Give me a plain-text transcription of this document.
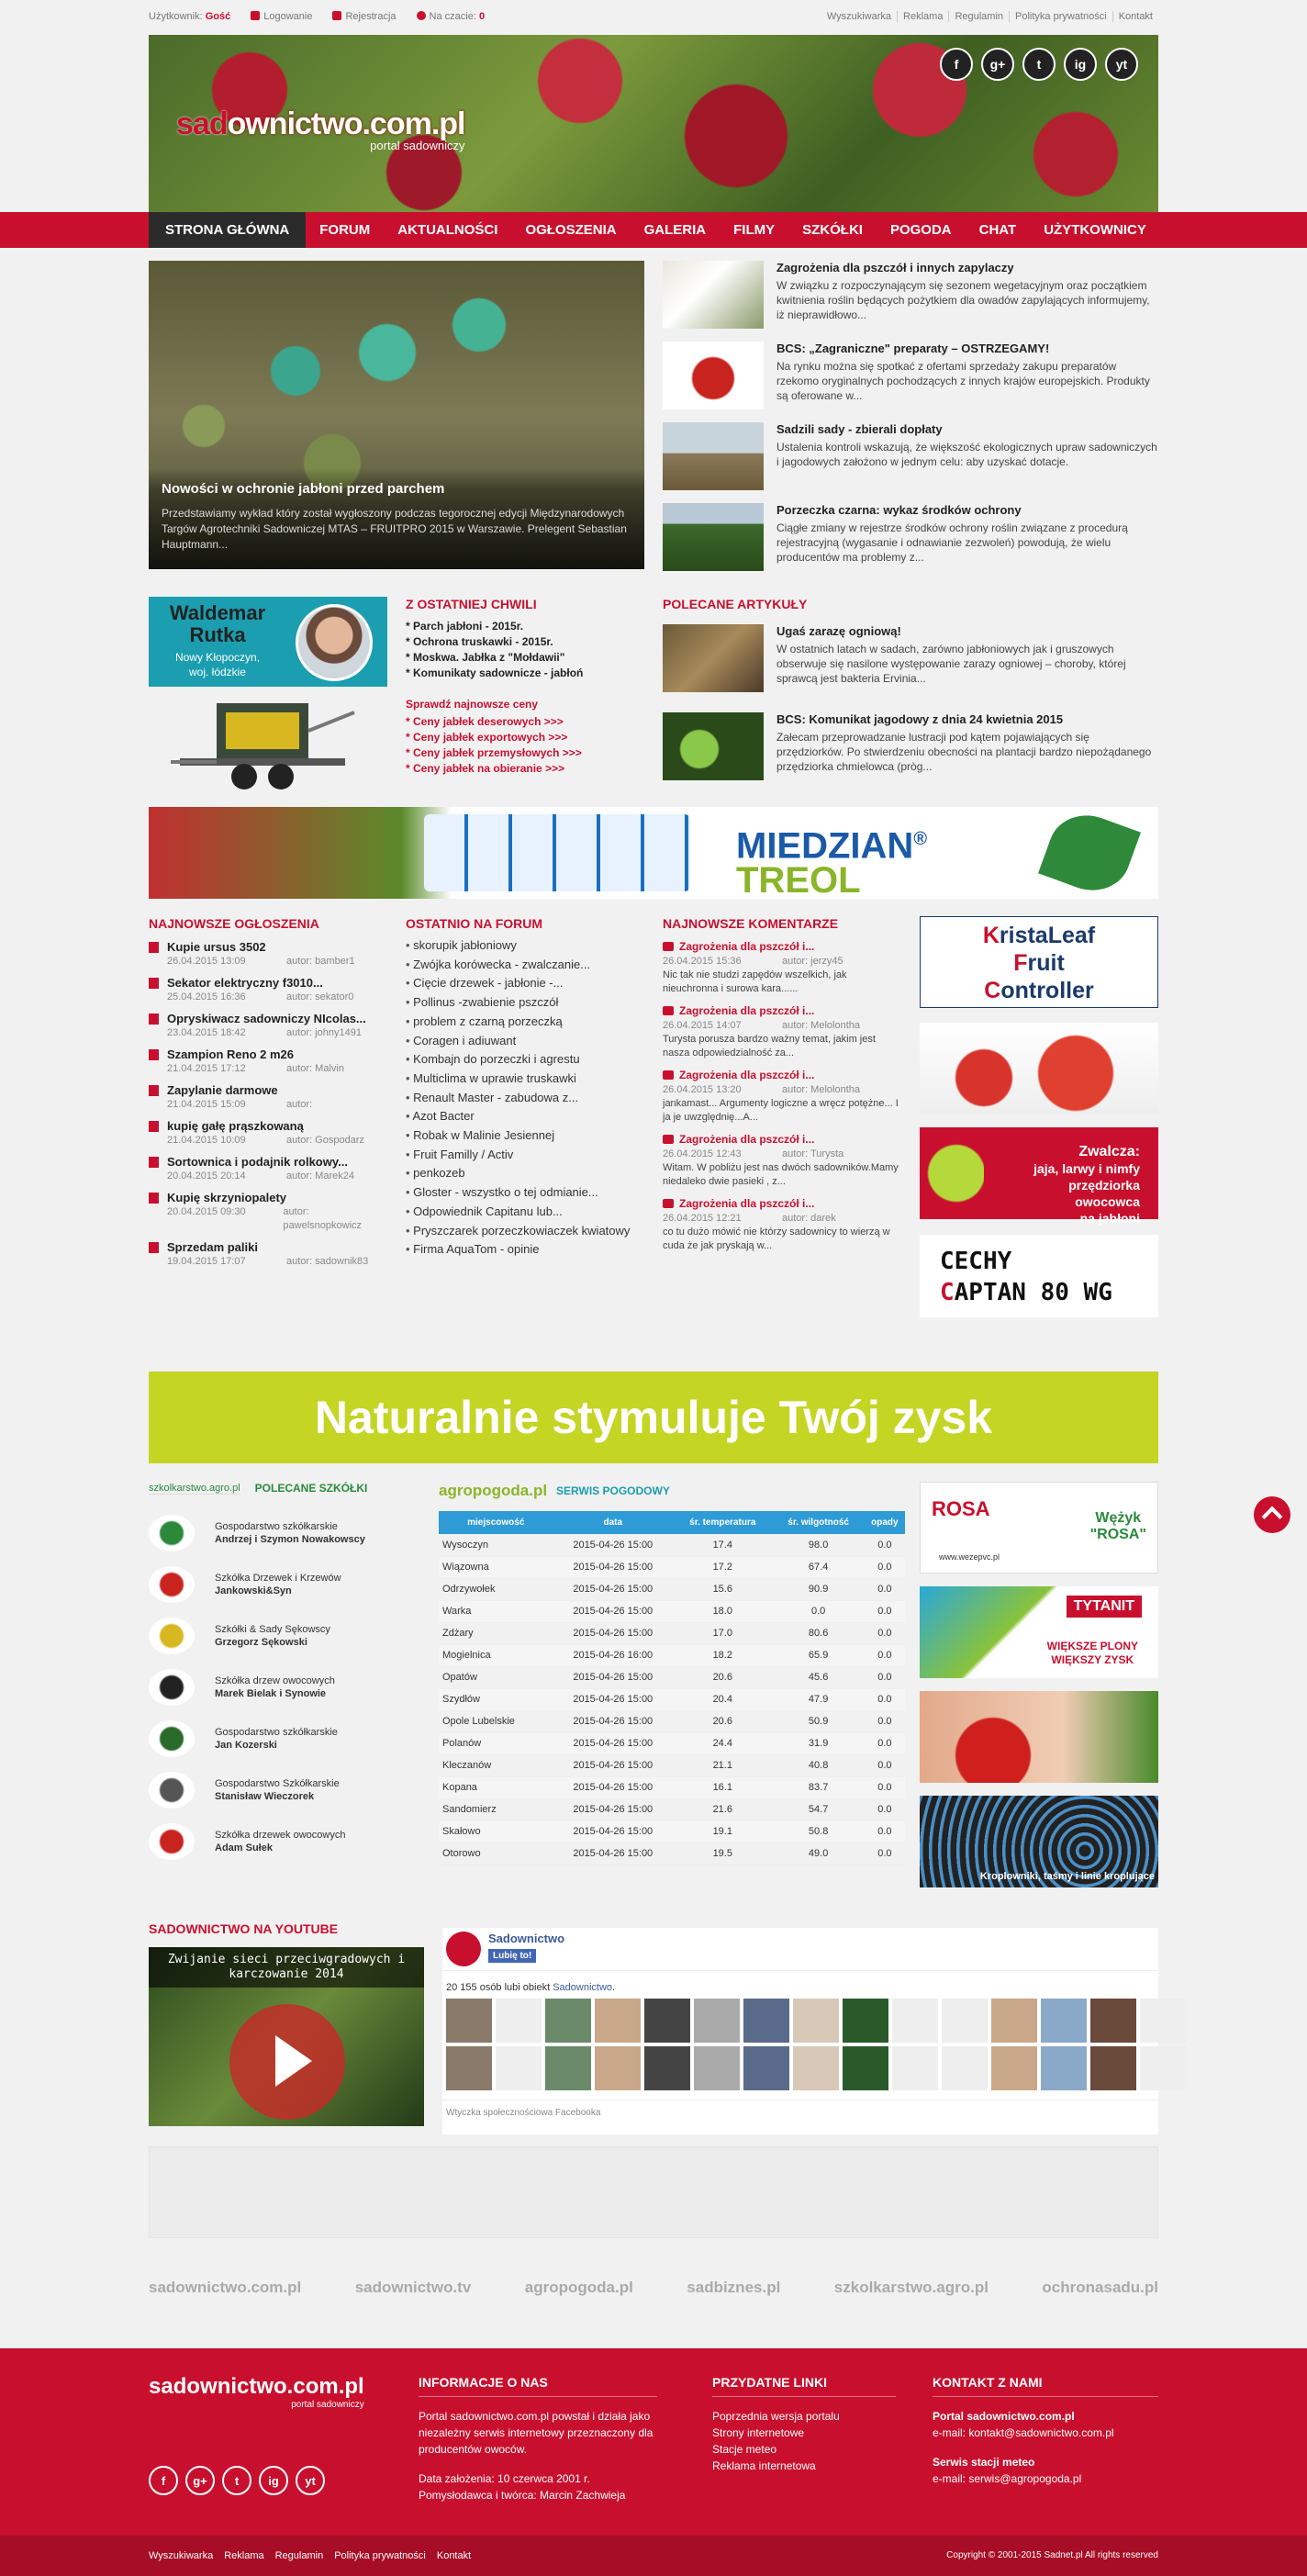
Użytkownik: Gość	Logowanie	Rejestracja	Na czacie: 0	Wyszukiwarka	Reklama	Regulamin	Polityka prywatności	Kontakt
sadownictwo.com.pl
portal sadowniczy
f	g+	t	ig	yt
STRONA GŁÓWNA	FORUM	AKTUALNOŚCI	OGŁOSZENIA	GALERIA	FILMY	SZKÓŁKI	POGODA	CHAT	UŻYTKOWNICY
Nowości w ochronie jabłoni przed parchem

Przedstawiamy wykład który został wygłoszony podczas tegorocznej edycji Międzynarodowych Targów Agrotechniki Sadowniczej MTAS – FRUITPRO 2015 w Warszawie. Prelegent Sebastian Hauptmann...

Zagrożenia dla pszczół i innych zapylaczy

W związku z rozpoczynającym się sezonem wegetacyjnym oraz początkiem kwitnienia roślin będących pożytkiem dla owadów zapylających informujemy, iż nieprawidłowo...

BCS: „Zagraniczne" preparaty – OSTRZEGAMY!

Na rynku można się spotkać z ofertami sprzedaży zakupu preparatów rzekomo oryginalnych pochodzących z innych krajów europejskich. Produkty są oferowane w...

Sadzili sady - zbierali dopłaty

Ustalenia kontroli wskazują, że większość ekologicznych upraw sadowniczych i jagodowych założono w jednym celu: aby uzyskać dotacje.

Porzeczka czarna: wykaz środków ochrony

Ciągłe zmiany w rejestrze środków ochrony roślin związane z procedurą rejestracyjną (wygasanie i odnawianie zezwoleń) powodują, że wielu producentów ma problemy z...

Waldemar
Rutka
Nowy Kłopoczyn,
woj. łódzkie
Z OSTATNIEJ CHWILI
* Parch jabłoni - 2015r.
* Ochrona truskawki - 2015r.
* Moskwa. Jabłka z "Mołdawii"
* Komunikaty sadownicze - jabłoń
Sprawdź najnowsze ceny
* Ceny jabłek deserowych >>>
* Ceny jabłek exportowych >>>
* Ceny jabłek przemysłowych >>>
* Ceny jabłek na obieranie >>>
POLECANE ARTYKUŁY
Ugaś zarazę ogniową!

W ostatnich latach w sadach, zarówno jabłoniowych jak i gruszowych obserwuje się nasilone występowanie zarazy ogniowej – choroby, której sprawcą jest bakteria Ervinia...

BCS: Komunikat jagodowy z dnia 24 kwietnia 2015

Załecam przeprowadzanie lustracji pod kątem pojawiających się przędziorków. Po stwierdzeniu obecności na plantacji bardzo niepożądanego przędziorka chmielowca (pròg...

MIEDZIAN®
TREOL
NAJNOWSZE OGŁOSZENIA
Kupie ursus 3502
26.04.2015 13:09	autor: bamber1
Sekator elektryczny f3010...
25.04.2015 16:36	autor: sekator0
Opryskiwacz sadowniczy NIcolas...
23.04.2015 18:42	autor: johny1491
Szampion Reno 2 m26
21.04.2015 17:12	autor: Malvin
Zapylanie darmowe
21.04.2015 15:09	autor:
kupię gałę prąszkowaną
21.04.2015 10:09	autor: Gospodarz
Sortownica i podajnik rolkowy...
20.04.2015 20:14	autor: Marek24
Kupię skrzyniopalety
20.04.2015 09:30	autor: pawelsnopkowicz
Sprzedam paliki
19.04.2015 17:07	autor: sadownik83
OSTATNIO NA FORUM
• skorupik jabłoniowy
• Zwójka korówecka - zwalczanie...
• Cięcie drzewek - jabłonie -...
• Pollinus -zwabienie pszczół
• problem z czarną porzeczką
• Coragen i adiuwant
• Kombajn do porzeczki i agrestu
• Multiclima w uprawie truskawki
• Renault Master - zabudowa z...
• Azot Bacter
• Robak w Malinie Jesiennej
• Fruit Familly / Activ
• penkozeb
• Gloster - wszystko o tej odmianie...
• Odpowiednik Capitanu lub...
• Pryszczarek porzeczkowiaczek kwiatowy
• Firma AquaTom - opinie
NAJNOWSZE KOMENTARZE
Zagrożenia dla pszczół i...
26.04.2015 15:36	autor: jerzy45

Nic tak nie studzi zapędów wszelkich, jak nieuchronna i surowa kara......

Zagrożenia dla pszczół i...
26.04.2015 14:07	autor: Melolontha

Turysta porusza bardzo ważny temat, jakim jest nasza odpowiedzialność za...

Zagrożenia dla pszczół i...
26.04.2015 13:20	autor: Melolontha

jankamast... Argumenty logiczne a wręcz potężne... I ja je uwzględnię...A...

Zagrożenia dla pszczół i...
26.04.2015 12:43	autor: Turysta

Witam. W pobliżu jest nas dwóch sadowników.Mamy niedaleko dwie pasieki , z...

Zagrożenia dla pszczół i...
26.04.2015 12:21	autor: darek

co tu dużo mówić nie którzy sadownicy to wierzą w cuda że jak pryskają w...

KristaLeaf
Fruit
Controller
Zwalcza:
jaja, larwy i nimfy
przędziorka
owocowca
na jabłoni
CECHY
CAPTAN 80 WG
Naturalnie stymuluje Twój zysk
szkolkarstwo.agro.pl POLECANE SZKÓŁKI
Gospodarstwo szkółkarskie
Andrzej i Szymon Nowakowscy
Szkółka Drzewek i Krzewów
Jankowski&Syn
Szkółki & Sady Sękowscy
Grzegorz Sękowski
Szkółka drzew owocowych
Marek Bielak i Synowie
Gospodarstwo szkółkarskie
Jan Kozerski
Gospodarstwo Szkółkarskie
Stanisław Wieczorek
Szkółka drzewek owocowych
Adam Sułek
agropogoda.pl SERWIS POGODOWY
miejscowość	data	śr. temperatura	śr. wilgotność	opady
Wysoczyn	2015-04-26 15:00	17.4	98.0	0.0
Wiązowna	2015-04-26 15:00	17.2	67.4	0.0
Odrzywołek	2015-04-26 15:00	15.6	90.9	0.0
Warka	2015-04-26 15:00	18.0	0.0	0.0
Zdżary	2015-04-26 15:00	17.0	80.6	0.0
Mogielnica	2015-04-26 16:00	18.2	65.9	0.0
Opatów	2015-04-26 15:00	20.6	45.6	0.0
Szydłów	2015-04-26 15:00	20.4	47.9	0.0
Opole Lubelskie	2015-04-26 15:00	20.6	50.9	0.0
Polanów	2015-04-26 15:00	24.4	31.9	0.0
Kleczanów	2015-04-26 15:00	21.1	40.8	0.0
Kopana	2015-04-26 15:00	16.1	83.7	0.0
Sandomierz	2015-04-26 15:00	21.6	54.7	0.0
Skałowo	2015-04-26 15:00	19.1	50.8	0.0
Otorowo	2015-04-26 15:00	19.5	49.0	0.0
ROSA	Wężyk
"ROSA"
www.wezepvc.pl
TYTANIT
WIĘKSZE PLONY
WIĘKSZY ZYSK
Kroplowniki, taśmy i linie kroplujące
SADOWNICTWO NA YOUTUBE
Zwijanie sieci przeciwgradowych i karczowanie 2014
Sadownictwo
Lubię to!
20 155 osób lubi obiekt Sadownictwo.
Wtyczka społecznościowa Facebooka
sadownictwo.com.pl	sadownictwo.tv	agropogoda.pl	sadbiznes.pl	szkolkarstwo.agro.pl	ochronasadu.pl
sadownictwo.com.pl
portal sadowniczy
f	g+	t	ig	yt
INFORMACJE O NAS

Portal sadownictwo.com.pl powstał i działa jako niezależny serwis internetowy przeznaczony dla producentów owoców.

Data założenia: 10 czerwca 2001 r.
Pomysłodawca i twórca: Marcin Zachwieja
PRZYDATNE LINKI
Poprzednia wersja portalu
Strony internetowe
Stacje meteo
Reklama internetowa
KONTAKT Z NAMI
Portal sadownictwo.com.pl

e-mail: kontakt@sadownictwo.com.pl

Serwis stacji meteo

e-mail: serwis@agropogoda.pl

Wyszukiwarka Reklama Regulamin Polityka prywatności Kontakt	Copyright © 2001-2015 Sadnet.pl All rights reserved
